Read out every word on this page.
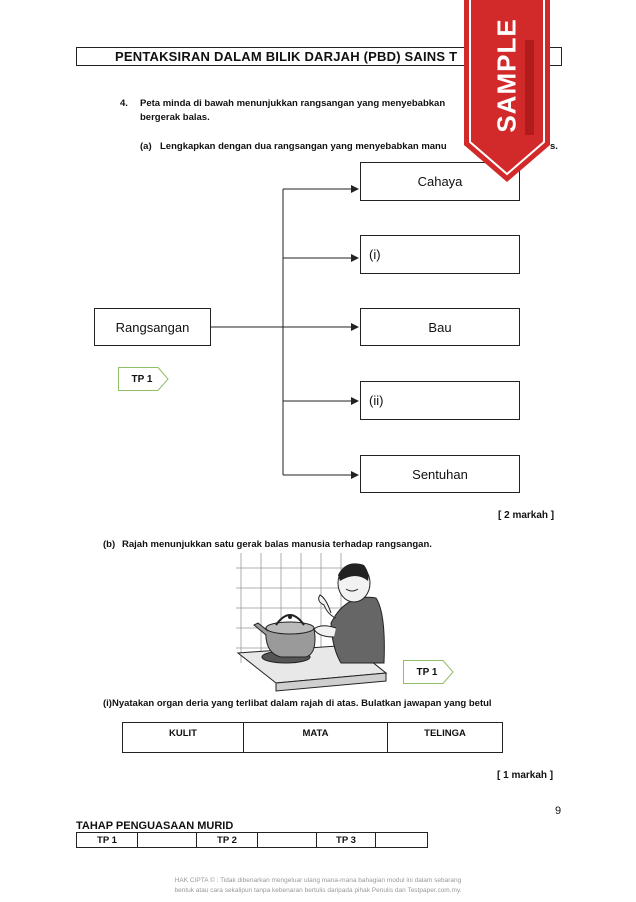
PENTAKSIRAN DALAM BILIK DARJAH (PBD) SAINS T
4. Peta minda di bawah menunjukkan rangsangan yang menyebabkan
bergerak balas.
(a) Lengkapkan dengan dua rangsangan yang menyebabkan manu	s.
Rangsangan
Cahaya
(i)
Bau
(ii)
Sentuhan
TP 1
[ 2 markah ]
(b) Rajah menunjukkan satu gerak balas manusia terhadap rangsangan.
TP 1
(i)Nyatakan organ deria yang terlibat dalam rajah di atas. Bulatkan jawapan yang betul
KULIT	MATA	TELINGA
[ 1 markah ]
9
TAHAP PENGUASAAN MURID
TP 1		TP 2		TP 3	
HAK CIPTA © : Tidak dibenarkan mengeluar ulang mana-mana bahagian modul ini dalam sebarang
bentuk atau cara sekalipun tanpa kebenaran bertulis daripada pihak Penulis dan Testpaper.com.my.
SAMPLE
